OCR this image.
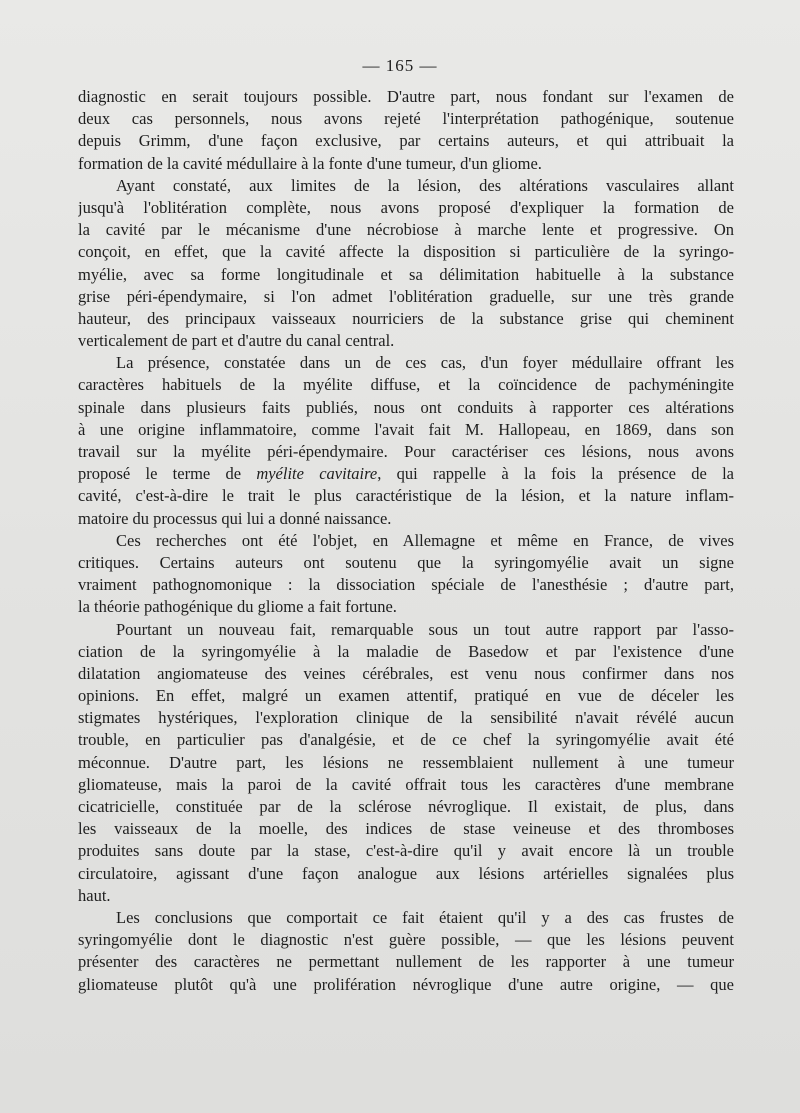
— 165 —
diagnostic en serait toujours possible. D'autre part, nous fondant sur l'examen de
deux cas personnels, nous avons rejeté l'interprétation pathogénique, soutenue
depuis Grimm, d'une façon exclusive, par certains auteurs, et qui attribuait la
formation de la cavité médullaire à la fonte d'une tumeur, d'un gliome.
Ayant constaté, aux limites de la lésion, des altérations vasculaires allant
jusqu'à l'oblitération complète, nous avons proposé d'expliquer la formation de
la cavité par le mécanisme d'une nécrobiose à marche lente et progressive. On
conçoit, en effet, que la cavité affecte la disposition si particulière de la syringo-
myélie, avec sa forme longitudinale et sa délimitation habituelle à la substance
grise péri-épendymaire, si l'on admet l'oblitération graduelle, sur une très grande
hauteur, des principaux vaisseaux nourriciers de la substance grise qui cheminent
verticalement de part et d'autre du canal central.
La présence, constatée dans un de ces cas, d'un foyer médullaire offrant les
caractères habituels de la myélite diffuse, et la coïncidence de pachyméningite
spinale dans plusieurs faits publiés, nous ont conduits à rapporter ces altérations
à une origine inflammatoire, comme l'avait fait M. Hallopeau, en 1869, dans son
travail sur la myélite péri-épendymaire. Pour caractériser ces lésions, nous avons
proposé le terme de myélite cavitaire, qui rappelle à la fois la présence de la
cavité, c'est-à-dire le trait le plus caractéristique de la lésion, et la nature inflam-
matoire du processus qui lui a donné naissance.
Ces recherches ont été l'objet, en Allemagne et même en France, de vives
critiques. Certains auteurs ont soutenu que la syringomyélie avait un signe
vraiment pathognomonique : la dissociation spéciale de l'anesthésie ; d'autre part,
la théorie pathogénique du gliome a fait fortune.
Pourtant un nouveau fait, remarquable sous un tout autre rapport par l'asso-
ciation de la syringomyélie à la maladie de Basedow et par l'existence d'une
dilatation angiomateuse des veines cérébrales, est venu nous confirmer dans nos
opinions. En effet, malgré un examen attentif, pratiqué en vue de déceler les
stigmates hystériques, l'exploration clinique de la sensibilité n'avait révélé aucun
trouble, en particulier pas d'analgésie, et de ce chef la syringomyélie avait été
méconnue. D'autre part, les lésions ne ressemblaient nullement à une tumeur
gliomateuse, mais la paroi de la cavité offrait tous les caractères d'une membrane
cicatricielle, constituée par de la sclérose névroglique. Il existait, de plus, dans
les vaisseaux de la moelle, des indices de stase veineuse et des thromboses
produites sans doute par la stase, c'est-à-dire qu'il y avait encore là un trouble
circulatoire, agissant d'une façon analogue aux lésions artérielles signalées plus
haut.
Les conclusions que comportait ce fait étaient qu'il y a des cas frustes de
syringomyélie dont le diagnostic n'est guère possible, — que les lésions peuvent
présenter des caractères ne permettant nullement de les rapporter à une tumeur
gliomateuse plutôt qu'à une prolifération névroglique d'une autre origine, — que
